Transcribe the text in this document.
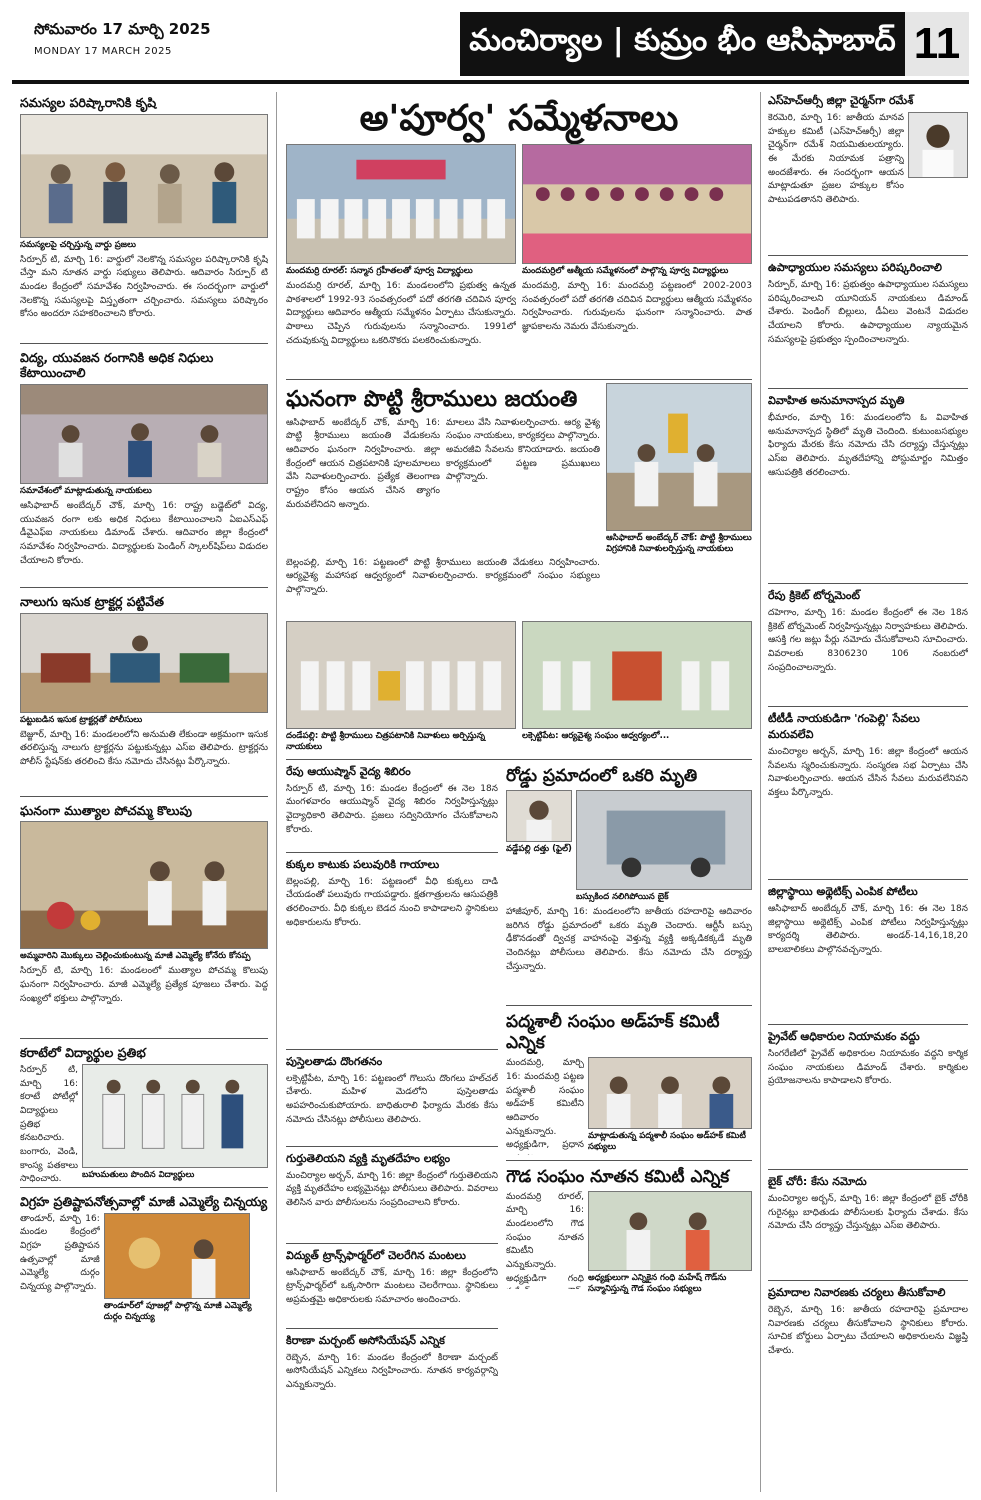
సోమవారం 17 మార్చి 2025
MONDAY 17 MARCH 2025	మంచిర్యాల | కుమ్రం భీం ఆసిఫాబాద్ 11
సమస్యల పరిష్కారానికి కృషి
సమస్యలపై చర్చిస్తున్న వార్డు ప్రజలు
సిర్పూర్ టి, మార్చి 16: వార్డులో నెలకొన్న సమస్యల పరిష్కారానికి కృషి చేస్తా మని నూతన వార్డు సభ్యులు తెలిపారు. ఆదివారం సిర్పూర్ టి మండల కేంద్రంలో సమావేశం నిర్వహించారు. ఈ సందర్భంగా వార్డులో నెలకొన్న సమస్యలపై విస్తృతంగా చర్చించారు. సమస్యలు పరిష్కారం కోసం అందరూ సహకరించాలని కోరారు.
విద్య, యువజన రంగానికి అధిక నిధులు కేటాయించాలి
సమావేశంలో మాట్లాడుతున్న నాయకులు
ఆసిఫాబాద్ అంబేద్కర్ చౌక్, మార్చి 16: రాష్ట్ర బడ్జెట్‌లో విద్య, యువజన రంగా లకు అధిక నిధులు కేటాయించాలని ఏఐఎస్ఎఫ్ డీవైఎఫ్ఐ నాయకులు డిమాండ్ చేశారు. ఆదివారం జిల్లా కేంద్రంలో సమావేశం నిర్వహించారు. విద్యార్థులకు పెండింగ్ స్కాలర్‌షిప్‌లు విడుదల చేయాలని కోరారు.
నాలుగు ఇసుక ట్రాక్టర్ల పట్టివేత
పట్టుబడిన ఇసుక ట్రాక్టర్లతో పోలీసులు
బెజ్జూర్, మార్చి 16: మండలంలోని అనుమతి లేకుండా అక్రమంగా ఇసుక తరలిస్తున్న నాలుగు ట్రాక్టర్లను పట్టుకున్నట్లు ఎస్ఐ తెలిపారు. ట్రాక్టర్లను పోలీస్ స్టేషన్‌కు తరలించి కేసు నమోదు చేసినట్లు పేర్కొన్నారు.
ఘనంగా ముత్యాల పోచమ్మ కొలుపు
అమ్మవారిని మొక్కులు చెల్లించుకుంటున్న మాజీ ఎమ్మెల్యే కోనేరు కోనప్ప
సిర్పూర్ టి, మార్చి 16: మండలంలో ముత్యాల పోచమ్మ కొలుపు ఘనంగా నిర్వహించారు. మాజీ ఎమ్మెల్యే ప్రత్యేక పూజలు చేశారు. పెద్ద సంఖ్యలో భక్తులు పాల్గొన్నారు.
కరాటేలో విద్యార్థుల ప్రతిభ
సిర్పూర్ టి, మార్చి 16: కరాటే పోటీల్లో విద్యార్థులు ప్రతిభ కనబరిచారు. బంగారు, వెండి, కాంస్య పతకాలు సాధించారు.	బహుమతులు పొందిన విద్యార్థులు
విగ్రహ ప్రతిష్టాపనోత్సవాల్లో మాజీ ఎమ్మెల్యే చిన్నయ్య
తాండూర్, మార్చి 16: మండల కేంద్రంలో విగ్రహ ప్రతిష్టాపన ఉత్సవాల్లో మాజీ ఎమ్మెల్యే దుర్గం చిన్నయ్య పాల్గొన్నారు.
తాండూర్‌లో పూజల్లో పాల్గొన్న మాజీ ఎమ్మెల్యే దుర్గం చిన్నయ్య
అ'పూర్వ' సమ్మేళనాలు
మందమర్రి రూరల్: సన్మాన గ్రహీతలతో పూర్వ విద్యార్థులు
మందమర్రి రూరల్, మార్చి 16: మండలంలోని ప్రభుత్వ ఉన్నత పాఠశాలలో 1992-93 సంవత్సరంలో పదో తరగతి చదివిన పూర్వ విద్యార్థులు ఆదివారం ఆత్మీయ సమ్మేళనం ఏర్పాటు చేసుకున్నారు. పాఠాలు చెప్పిన గురువులను సన్మానించారు. 1991లో చదువుకున్న విద్యార్థులు ఒకరినొకరు పలకరించుకున్నారు.
మందమర్రిలో ఆత్మీయ సమ్మేళనంలో పాల్గొన్న పూర్వ విద్యార్థులు
మందమర్రి, మార్చి 16: మందమర్రి పట్టణంలో 2002-2003 సంవత్సరంలో పదో తరగతి చదివిన విద్యార్థులు ఆత్మీయ సమ్మేళనం నిర్వహించారు. గురువులను ఘనంగా సన్మానించారు. పాత జ్ఞాపకాలను నెమరు వేసుకున్నారు.
ఘనంగా పొట్టి శ్రీరాములు జయంతి
ఆసిఫాబాద్ అంబేద్కర్ చౌక్, మార్చి 16: పొట్టి శ్రీరాములు జయంతి వేడుకలను ఆదివారం ఘనంగా నిర్వహించారు. జిల్లా కేంద్రంలో ఆయన చిత్రపటానికి పూలమాలలు వేసి నివాళులర్పించారు. ప్రత్యేక తెలంగాణ రాష్ట్రం కోసం ఆయన చేసిన త్యాగం మరువలేనిదని అన్నారు.
మాలలు వేసి నివాళులర్పించారు. ఆర్య వైశ్య సంఘం నాయకులు, కార్యకర్తలు పాల్గొన్నారు. అమరజీవి సేవలను కొనియాడారు. జయంతి కార్యక్రమంలో పట్టణ ప్రముఖులు పాల్గొన్నారు.
బెల్లంపల్లి, మార్చి 16: పట్టణంలో పొట్టి శ్రీరాములు జయంతి వేడుకలు నిర్వహించారు. ఆర్యవైశ్య మహాసభ ఆధ్వర్యంలో నివాళులర్పించారు. కార్యక్రమంలో సంఘం సభ్యులు పాల్గొన్నారు.
ఆసిఫాబాద్ అంబేద్కర్ చౌక్: పొట్టి శ్రీరాములు విగ్రహానికి నివాళులర్పిస్తున్న నాయకులు
దండేపల్లి: పొట్టి శ్రీరాములు చిత్రపటానికి నివాళులు అర్పిస్తున్న నాయకులు
లక్సెట్టిపేట: ఆర్యవైశ్య సంఘం ఆధ్వర్యంలో...
రేపు ఆయుష్మాన్ వైద్య శిబిరం
సిర్పూర్ టి, మార్చి 16: మండల కేంద్రంలో ఈ నెల 18న మంగళవారం ఆయుష్మాన్ వైద్య శిబిరం నిర్వహిస్తున్నట్లు వైద్యాధికారి తెలిపారు. ప్రజలు సద్వినియోగం చేసుకోవాలని కోరారు.
కుక్కల కాటుకు పలువురికి గాయాలు
బెల్లంపల్లి, మార్చి 16: పట్టణంలో వీధి కుక్కలు దాడి చేయడంతో పలువురు గాయపడ్డారు. క్షతగాత్రులను ఆసుపత్రికి తరలించారు. వీధి కుక్కల బెడద నుంచి కాపాడాలని స్థానికులు అధికారులను కోరారు.
పుస్తెలతాడు దొంగతనం
లక్సెట్టిపేట, మార్చి 16: పట్టణంలో గొలుసు దొంగలు హల్‌చల్ చేశారు. మహిళ మెడలోని పుస్తెలతాడు అపహరించుకుపోయారు. బాధితురాలి ఫిర్యాదు మేరకు కేసు నమోదు చేసినట్లు పోలీసులు తెలిపారు.
గుర్తుతెలియని వ్యక్తి మృతదేహం లభ్యం
మంచిర్యాల అర్బన్, మార్చి 16: జిల్లా కేంద్రంలో గుర్తుతెలియని వ్యక్తి మృతదేహం లభ్యమైనట్లు పోలీసులు తెలిపారు. వివరాలు తెలిసిన వారు పోలీసులను సంప్రదించాలని కోరారు.
విద్యుత్ ట్రాన్స్‌ఫార్మర్‌లో చెలరేగిన మంటలు
ఆసిఫాబాద్ అంబేద్కర్ చౌక్, మార్చి 16: జిల్లా కేంద్రంలోని ట్రాన్స్‌ఫార్మర్‌లో ఒక్కసారిగా మంటలు చెలరేగాయి. స్థానికులు అప్రమత్తమై అధికారులకు సమాచారం అందించారు.
కిరాణా మర్చంట్ అసోసియేషన్ ఎన్నిక
రెబ్బెన, మార్చి 16: మండల కేంద్రంలో కిరాణా మర్చంట్ అసోసియేషన్ ఎన్నికలు నిర్వహించారు. నూతన కార్యవర్గాన్ని ఎన్నుకున్నారు.
రోడ్డు ప్రమాదంలో ఒకరి మృతి
వడ్డేపల్లి దత్తు (ఫైల్)
బస్సుకింద నలిగిపోయిన బైక్
హాజీపూర్, మార్చి 16: మండలంలోని జాతీయ రహదారిపై ఆదివారం జరిగిన రోడ్డు ప్రమాదంలో ఒకరు మృతి చెందారు. ఆర్టీసీ బస్సు ఢీకొనడంతో ద్విచక్ర వాహనంపై వెళ్తున్న వ్యక్తి అక్కడికక్కడే మృతి చెందినట్లు పోలీసులు తెలిపారు. కేసు నమోదు చేసి దర్యాప్తు చేస్తున్నారు.
పద్మశాలీ సంఘం అడ్‌హక్ కమిటీ ఎన్నిక
మందమర్రి, మార్చి 16: మందమర్రి పట్టణ పద్మశాలీ సంఘం అడ్‌హక్ కమిటీని ఆదివారం ఎన్నుకున్నారు. అధ్యక్షుడిగా, ప్రధాన
మాట్లాడుతున్న పద్మశాలీ సంఘం అడ్‌హక్ కమిటీ సభ్యులు
గౌడ సంఘం నూతన కమిటీ ఎన్నిక
మందమర్రి రూరల్, మార్చి 16: మండలంలోని గౌడ సంఘం నూతన కమిటీని ఎన్నుకున్నారు. అధ్యక్షుడిగా గంధి అధ్యక్షులుగా ఎన్నికైన గంధి మహేష్ గౌడ్‌ను సన్మానిస్తున్న గౌడ సంఘం సభ్యులు
ఎస్‌హెచ్ఆర్సీ జిల్లా చైర్మన్‌గా రమేశ్
కెరమెరి, మార్చి 16: జాతీయ మానవ హక్కుల కమిటీ (ఎస్‌హెచ్ఆర్సీ) జిల్లా చైర్మన్‌గా రమేశ్ నియమితులయ్యారు. ఈ మేరకు నియామక పత్రాన్ని అందజేశారు. ఈ సందర్భంగా ఆయన మాట్లాడుతూ ప్రజల హక్కుల కోసం పాటుపడతానని తెలిపారు.
ఉపాధ్యాయుల సమస్యలు పరిష్కరించాలి
సిర్పూర్, మార్చి 16: ప్రభుత్వం ఉపాధ్యాయుల సమస్యలు పరిష్కరించాలని యూనియన్ నాయకులు డిమాండ్ చేశారు. పెండింగ్ బిల్లులు, డీఏలు వెంటనే విడుదల చేయాలని కోరారు. ఉపాధ్యాయుల న్యాయమైన సమస్యలపై ప్రభుత్వం స్పందించాలన్నారు.
వివాహిత అనుమానాస్పద మృతి
భీమారం, మార్చి 16: మండలంలోని ఓ వివాహిత అనుమానాస్పద స్థితిలో మృతి చెందింది. కుటుంబసభ్యుల ఫిర్యాదు మేరకు కేసు నమోదు చేసి దర్యాప్తు చేస్తున్నట్లు ఎస్ఐ తెలిపారు. మృతదేహాన్ని పోస్టుమార్టం నిమిత్తం ఆసుపత్రికి తరలించారు.
రేపు క్రికెట్ టోర్నమెంట్
దహెగాం, మార్చి 16: మండల కేంద్రంలో ఈ నెల 18న క్రికెట్ టోర్నమెంట్ నిర్వహిస్తున్నట్లు నిర్వాహకులు తెలిపారు. ఆసక్తి గల జట్లు పేర్లు నమోదు చేసుకోవాలని సూచించారు. వివరాలకు 8306230 106 నంబరులో సంప్రదించాలన్నారు.
టీటీడీ నాయకుడిగా 'గంపెల్లి' సేవలు మరువలేవి
మంచిర్యాల అర్బన్, మార్చి 16: జిల్లా కేంద్రంలో ఆయన సేవలను స్మరించుకున్నారు. సంస్మరణ సభ ఏర్పాటు చేసి నివాళులర్పించారు. ఆయన చేసిన సేవలు మరువలేనివని వక్తలు పేర్కొన్నారు.
జిల్లాస్థాయి అథ్లెటిక్స్ ఎంపిక పోటీలు
ఆసిఫాబాద్ అంబేద్కర్ చౌక్, మార్చి 16: ఈ నెల 18న జిల్లాస్థాయి అథ్లెటిక్స్ ఎంపిక పోటీలు నిర్వహిస్తున్నట్లు కార్యదర్శి తెలిపారు. అండర్-14,16,18,20 బాలబాలికలు పాల్గొనవచ్చన్నారు.
ప్రైవేట్ ఆధికారుల నియామకం వద్దు
సింగరేణిలో ప్రైవేట్ అధికారుల నియామకం వద్దని కార్మిక సంఘం నాయకులు డిమాండ్ చేశారు. కార్మికుల ప్రయోజనాలను కాపాడాలని కోరారు.
బైక్ చోరీ: కేసు నమోదు
మంచిర్యాల అర్బన్, మార్చి 16: జిల్లా కేంద్రంలో బైక్ చోరీకి గురైనట్లు బాధితుడు పోలీసులకు ఫిర్యాదు చేశాడు. కేసు నమోదు చేసి దర్యాప్తు చేస్తున్నట్లు ఎస్ఐ తెలిపారు.
ప్రమాదాల నివారణకు చర్యలు తీసుకోవాలి
రెబ్బెన, మార్చి 16: జాతీయ రహదారిపై ప్రమాదాల నివారణకు చర్యలు తీసుకోవాలని స్థానికులు కోరారు. సూచిక బోర్డులు ఏర్పాటు చేయాలని అధికారులను విజ్ఞప్తి చేశారు.
